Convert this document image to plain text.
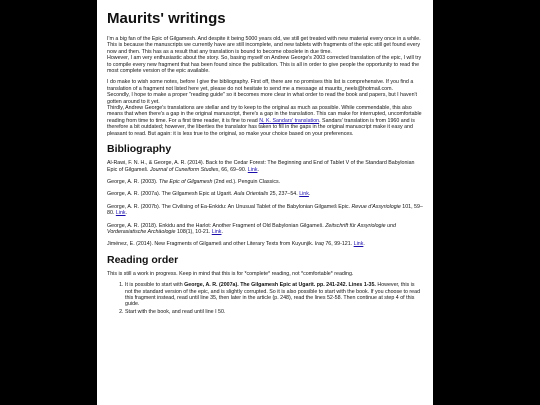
Maurits' writings

I'm a big fan of the Epic of Gilgamesh. And despite it being 5000 years old, we still get treated with new material every once in a while. This is because the manuscripts we currently have are still incomplete, and new tablets with fragments of the epic still get found every now and then. This has as a result that any translation is bound to become obsolete in due time.
However, I am very enthusiastic about the story. So, basing myself on Andrew George's 2003 corrected translation of the epic, I will try to compile every new fragment that has been found since the publication. This is all in order to give people the opportunity to read the most complete version of the epic available.

I do make to wish some notes, before I give the bibliography. First off, there are no promises this list is comprehensive. If you find a translation of a fragment not listed here yet, please do not hesitate to send me a message at maurits_neels@hotmail.com.
Secondly, I hope to make a proper "reading guide" so it becomes more clear in what order to read the book and papers, but I haven't gotten around to it yet.
Thirdly, Andrew George's translations are stellar and try to keep to the original as much as possible. While commendable, this also means that when there's a gap in the original manuscript, there's a gap in the translation. This can make for interrupted, uncomfortable reading from time to time. For a first time reader, it is fine to read N. K. Sandars' translation. Sandars' translation is from 1960 and is therefore a bit outdated; however, the liberties the translator has taken to fill in the gaps in the original manuscript make it easy and pleasant to read. But again: it is less true to the original, so make your choice based on your preferences.

Bibliography

Al-Rawi, F. N. H., & George, A. R. (2014). Back to the Cedar Forest: The Beginning and End of Tablet V of the Standard Babylonian Epic of Gilgameš. Journal of Cuneiform Studies, 66, 69–90. Link.

George, A. R. (2003). The Epic of Gilgamesh (2nd ed.). Penguin Classics.

George, A. R. (2007a). The Gilgamesh Epic at Ugarit. Aula Orientalis 25, 237–54. Link.

George, A. R. (2007b). The Civilising of Ea-Enkidu: An Unusual Tablet of the Babylonian Gilgameš Epic. Revue d'Assyriologie 101, 59–80. Link.

George, A. R. (2018). Enkidu and the Harlot: Another Fragment of Old Babylonian Gilgameš. Zeitschrift für Assyriologie und Vorderasiatische Archäologie 108(1), 10-21. Link.

Jiménez, E. (2014). New Fragments of Gilgameš and other Literary Texts from Kuyunjik. Iraq 76, 99-121. Link.

Reading order

This is still a work in progress. Keep in mind that this is for *complete* reading, not *comfortable* reading.

1. It is possible to start with George, A. R. (2007a). The Gilgamesh Epic at Ugarit. pp. 241-242. Lines 1-35. However, this is not the standard version of the epic, and is slightly corrupted. So it is also possible to start with the book. If you choose to read this fragment instead, read until line 35, then later in the article (p. 248), read the lines 52-58. Then continue at step 4 of this guide.
2. Start with the book, and read until line I 50.
